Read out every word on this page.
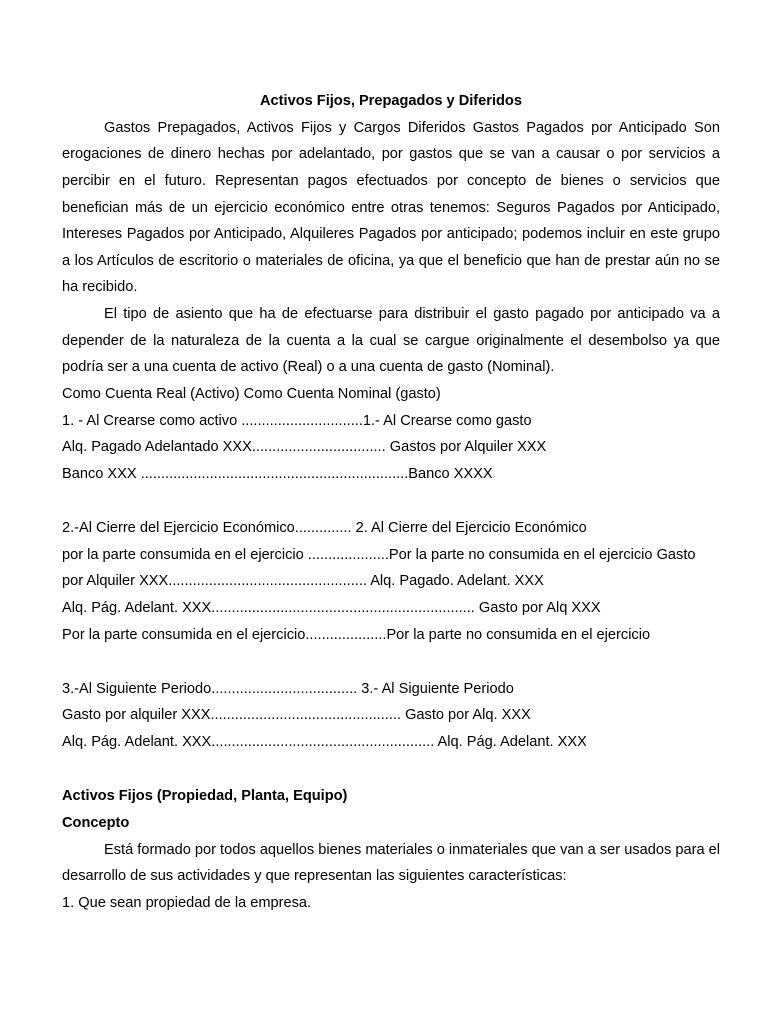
Activos Fijos, Prepagados y Diferidos

Gastos Prepagados, Activos Fijos y Cargos Diferidos Gastos Pagados por Anticipado Son erogaciones de dinero hechas por adelantado, por gastos que se van a causar o por servicios a percibir en el futuro. Representan pagos efectuados por concepto de bienes o servicios que benefician más de un ejercicio económico entre otras tenemos: Seguros Pagados por Anticipado, Intereses Pagados por Anticipado, Alquileres Pagados por anticipado; podemos incluir en este grupo a los Artículos de escritorio o materiales de oficina, ya que el beneficio que han de prestar aún no se ha recibido.

El tipo de asiento que ha de efectuarse para distribuir el gasto pagado por anticipado va a depender de la naturaleza de la cuenta a la cual se cargue originalmente el desembolso ya que podría ser a una cuenta de activo (Real) o a una cuenta de gasto (Nominal).

Como Cuenta Real (Activo) Como Cuenta Nominal (gasto)
1. - Al Crearse como activo ..............................1.- Al Crearse como gasto
Alq. Pagado Adelantado XXX................................. Gastos por Alquiler XXX
Banco XXX ..................................................................Banco XXXX
2.-Al Cierre del Ejercicio Económico.............. 2. Al Cierre del Ejercicio Económico
por la parte consumida en el ejercicio ....................Por la parte no consumida en el ejercicio Gasto
por Alquiler XXX................................................. Alq. Pagado. Adelant. XXX
Alq. Pág. Adelant. XXX................................................................. Gasto por Alq XXX
Por la parte consumida en el ejercicio....................Por la parte no consumida en el ejercicio
3.-Al Siguiente Periodo.................................... 3.- Al Siguiente Periodo
Gasto por alquiler XXX............................................... Gasto por Alq. XXX
Alq. Pág. Adelant. XXX....................................................... Alq. Pág. Adelant. XXX
Activos Fijos (Propiedad, Planta, Equipo)
Concepto

Está formado por todos aquellos bienes materiales o inmateriales que van a ser usados para el desarrollo de sus actividades y que representan las siguientes características:

1. Que sean propiedad de la empresa.
